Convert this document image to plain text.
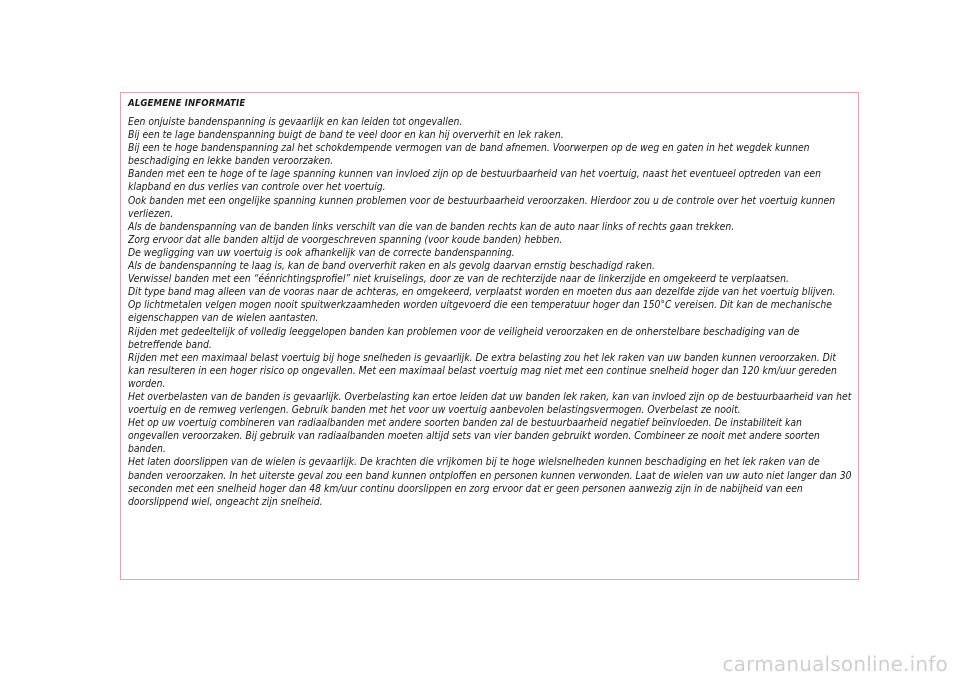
ALGEMENE INFORMATIE

Een onjuiste bandenspanning is gevaarlijk en kan leiden tot ongevallen.

Bij een te lage bandenspanning buigt de band te veel door en kan hij oververhit en lek raken.

Bij een te hoge bandenspanning zal het schokdempende vermogen van de band afnemen. Voorwerpen op de weg en gaten in het wegdek kunnen beschadiging en lekke banden veroorzaken.

Banden met een te hoge of te lage spanning kunnen van invloed zijn op de bestuurbaarheid van het voertuig, naast het eventueel optreden van een klapband en dus verlies van controle over het voertuig.

Ook banden met een ongelijke spanning kunnen problemen voor de bestuurbaarheid veroorzaken. Hierdoor zou u de controle over het voertuig kunnen verliezen.

Als de bandenspanning van de banden links verschilt van die van de banden rechts kan de auto naar links of rechts gaan trekken.

Zorg ervoor dat alle banden altijd de voorgeschreven spanning (voor koude banden) hebben.

De wegligging van uw voertuig is ook afhankelijk van de correcte bandenspanning.

Als de bandenspanning te laag is, kan de band oververhit raken en als gevolg daarvan ernstig beschadigd raken.

Verwissel banden met een “éénrichtingsprofiel” niet kruiselings, door ze van de rechterzijde naar de linkerzijde en omgekeerd te verplaatsen.

Dit type band mag alleen van de vooras naar de achteras, en omgekeerd, verplaatst worden en moeten dus aan dezelfde zijde van het voertuig blijven.

Op lichtmetalen velgen mogen nooit spuitwerkzaamheden worden uitgevoerd die een temperatuur hoger dan 150°C vereisen. Dit kan de mechanische eigenschappen van de wielen aantasten.

Rijden met gedeeltelijk of volledig leeggelopen banden kan problemen voor de veiligheid veroorzaken en de onherstelbare beschadiging van de betreffende band.

Rijden met een maximaal belast voertuig bij hoge snelheden is gevaarlijk. De extra belasting zou het lek raken van uw banden kunnen veroorzaken. Dit kan resulteren in een hoger risico op ongevallen. Met een maximaal belast voertuig mag niet met een continue snelheid hoger dan 120 km/uur gereden worden.

Het overbelasten van de banden is gevaarlijk. Overbelasting kan ertoe leiden dat uw banden lek raken, kan van invloed zijn op de bestuurbaarheid van het voertuig en de remweg verlengen. Gebruik banden met het voor uw voertuig aanbevolen belastingsvermogen. Overbelast ze nooit.

Het op uw voertuig combineren van radiaalbanden met andere soorten banden zal de bestuurbaarheid negatief beïnvloeden. De instabiliteit kan ongevallen veroorzaken. Bij gebruik van radiaalbanden moeten altijd sets van vier banden gebruikt worden. Combineer ze nooit met andere soorten banden.

Het laten doorslippen van de wielen is gevaarlijk. De krachten die vrijkomen bij te hoge wielsnelheden kunnen beschadiging en het lek raken van de banden veroorzaken. In het uiterste geval zou een band kunnen ontploffen en personen kunnen verwonden. Laat de wielen van uw auto niet langer dan 30 seconden met een snelheid hoger dan 48 km/uur continu doorslippen en zorg ervoor dat er geen personen aanwezig zijn in de nabijheid van een doorslippend wiel, ongeacht zijn snelheid.

carmanualsonline.info
